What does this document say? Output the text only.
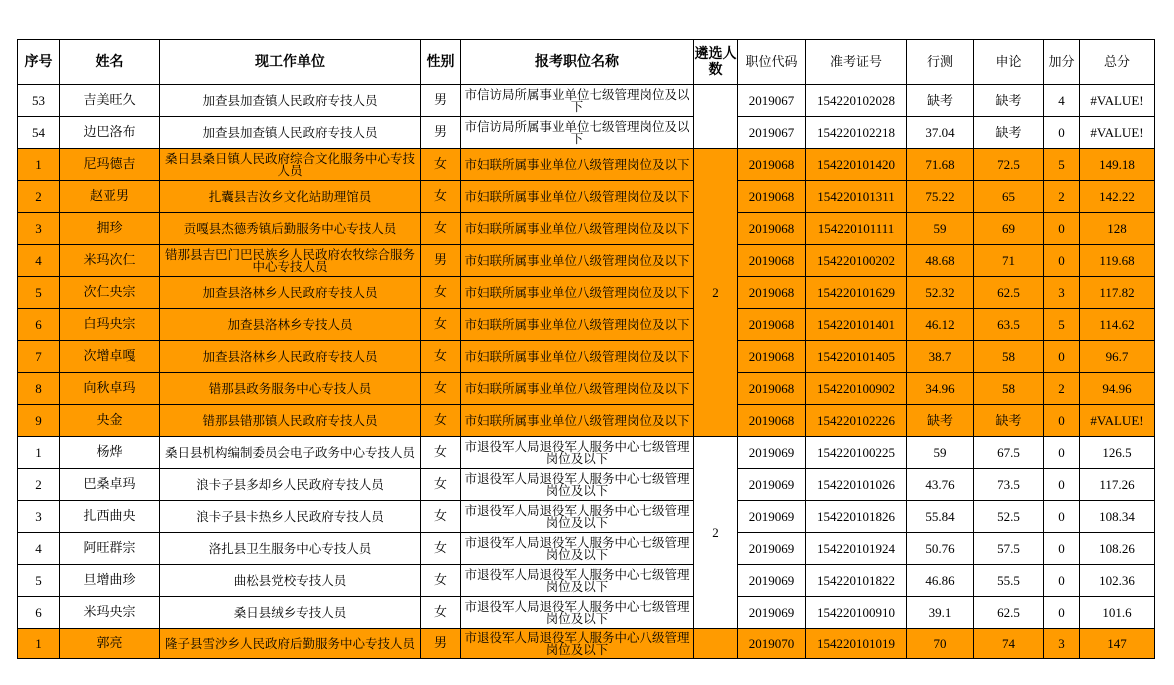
序号	姓名	现工作单位	性别	报考职位名称	遴选人数	职位代码	准考证号	行测	申论	加分	总分
53	吉美旺久	加查县加查镇人民政府专技人员	男	市信访局所属事业单位七级管理岗位及以下		2019067	154220102028	缺考	缺考	4	#VALUE!
54	边巴洛布	加查县加查镇人民政府专技人员	男	市信访局所属事业单位七级管理岗位及以下		2019067	154220102218	37.04	缺考	0	#VALUE!
1	尼玛德吉	桑日县桑日镇人民政府综合文化服务中心专技人员	女	市妇联所属事业单位八级管理岗位及以下	2	2019068	154220101420	71.68	72.5	5	149.18
2	赵亚男	扎囊县吉汝乡文化站助理馆员	女	市妇联所属事业单位八级管理岗位及以下		2019068	154220101311	75.22	65	2	142.22
3	拥珍	贡嘎县杰德秀镇后勤服务中心专技人员	女	市妇联所属事业单位八级管理岗位及以下		2019068	154220101111	59	69	0	128
4	米玛次仁	错那县吉巴门巴民族乡人民政府农牧综合服务中心专技人员	男	市妇联所属事业单位八级管理岗位及以下		2019068	154220100202	48.68	71	0	119.68
5	次仁央宗	加查县洛林乡人民政府专技人员	女	市妇联所属事业单位八级管理岗位及以下		2019068	154220101629	52.32	62.5	3	117.82
6	白玛央宗	加查县洛林乡专技人员	女	市妇联所属事业单位八级管理岗位及以下		2019068	154220101401	46.12	63.5	5	114.62
7	次增卓嘎	加查县洛林乡人民政府专技人员	女	市妇联所属事业单位八级管理岗位及以下		2019068	154220101405	38.7	58	0	96.7
8	向秋卓玛	错那县政务服务中心专技人员	女	市妇联所属事业单位八级管理岗位及以下		2019068	154220100902	34.96	58	2	94.96
9	央金	错那县错那镇人民政府专技人员	女	市妇联所属事业单位八级管理岗位及以下		2019068	154220102226	缺考	缺考	0	#VALUE!
1	杨烨	桑日县机构编制委员会电子政务中心专技人员	女	市退役军人局退役军人服务中心七级管理岗位及以下	2	2019069	154220100225	59	67.5	0	126.5
2	巴桑卓玛	浪卡子县多却乡人民政府专技人员	女	市退役军人局退役军人服务中心七级管理岗位及以下		2019069	154220101026	43.76	73.5	0	117.26
3	扎西曲央	浪卡子县卡热乡人民政府专技人员	女	市退役军人局退役军人服务中心七级管理岗位及以下		2019069	154220101826	55.84	52.5	0	108.34
4	阿旺群宗	洛扎县卫生服务中心专技人员	女	市退役军人局退役军人服务中心七级管理岗位及以下		2019069	154220101924	50.76	57.5	0	108.26
5	旦增曲珍	曲松县党校专技人员	女	市退役军人局退役军人服务中心七级管理岗位及以下		2019069	154220101822	46.86	55.5	0	102.36
6	米玛央宗	桑日县绒乡专技人员	女	市退役军人局退役军人服务中心七级管理岗位及以下		2019069	154220100910	39.1	62.5	0	101.6
1	郭亮	隆子县雪沙乡人民政府后勤服务中心专技人员	男	市退役军人局退役军人服务中心八级管理岗位及以下		2019070	154220101019	70	74	3	147
